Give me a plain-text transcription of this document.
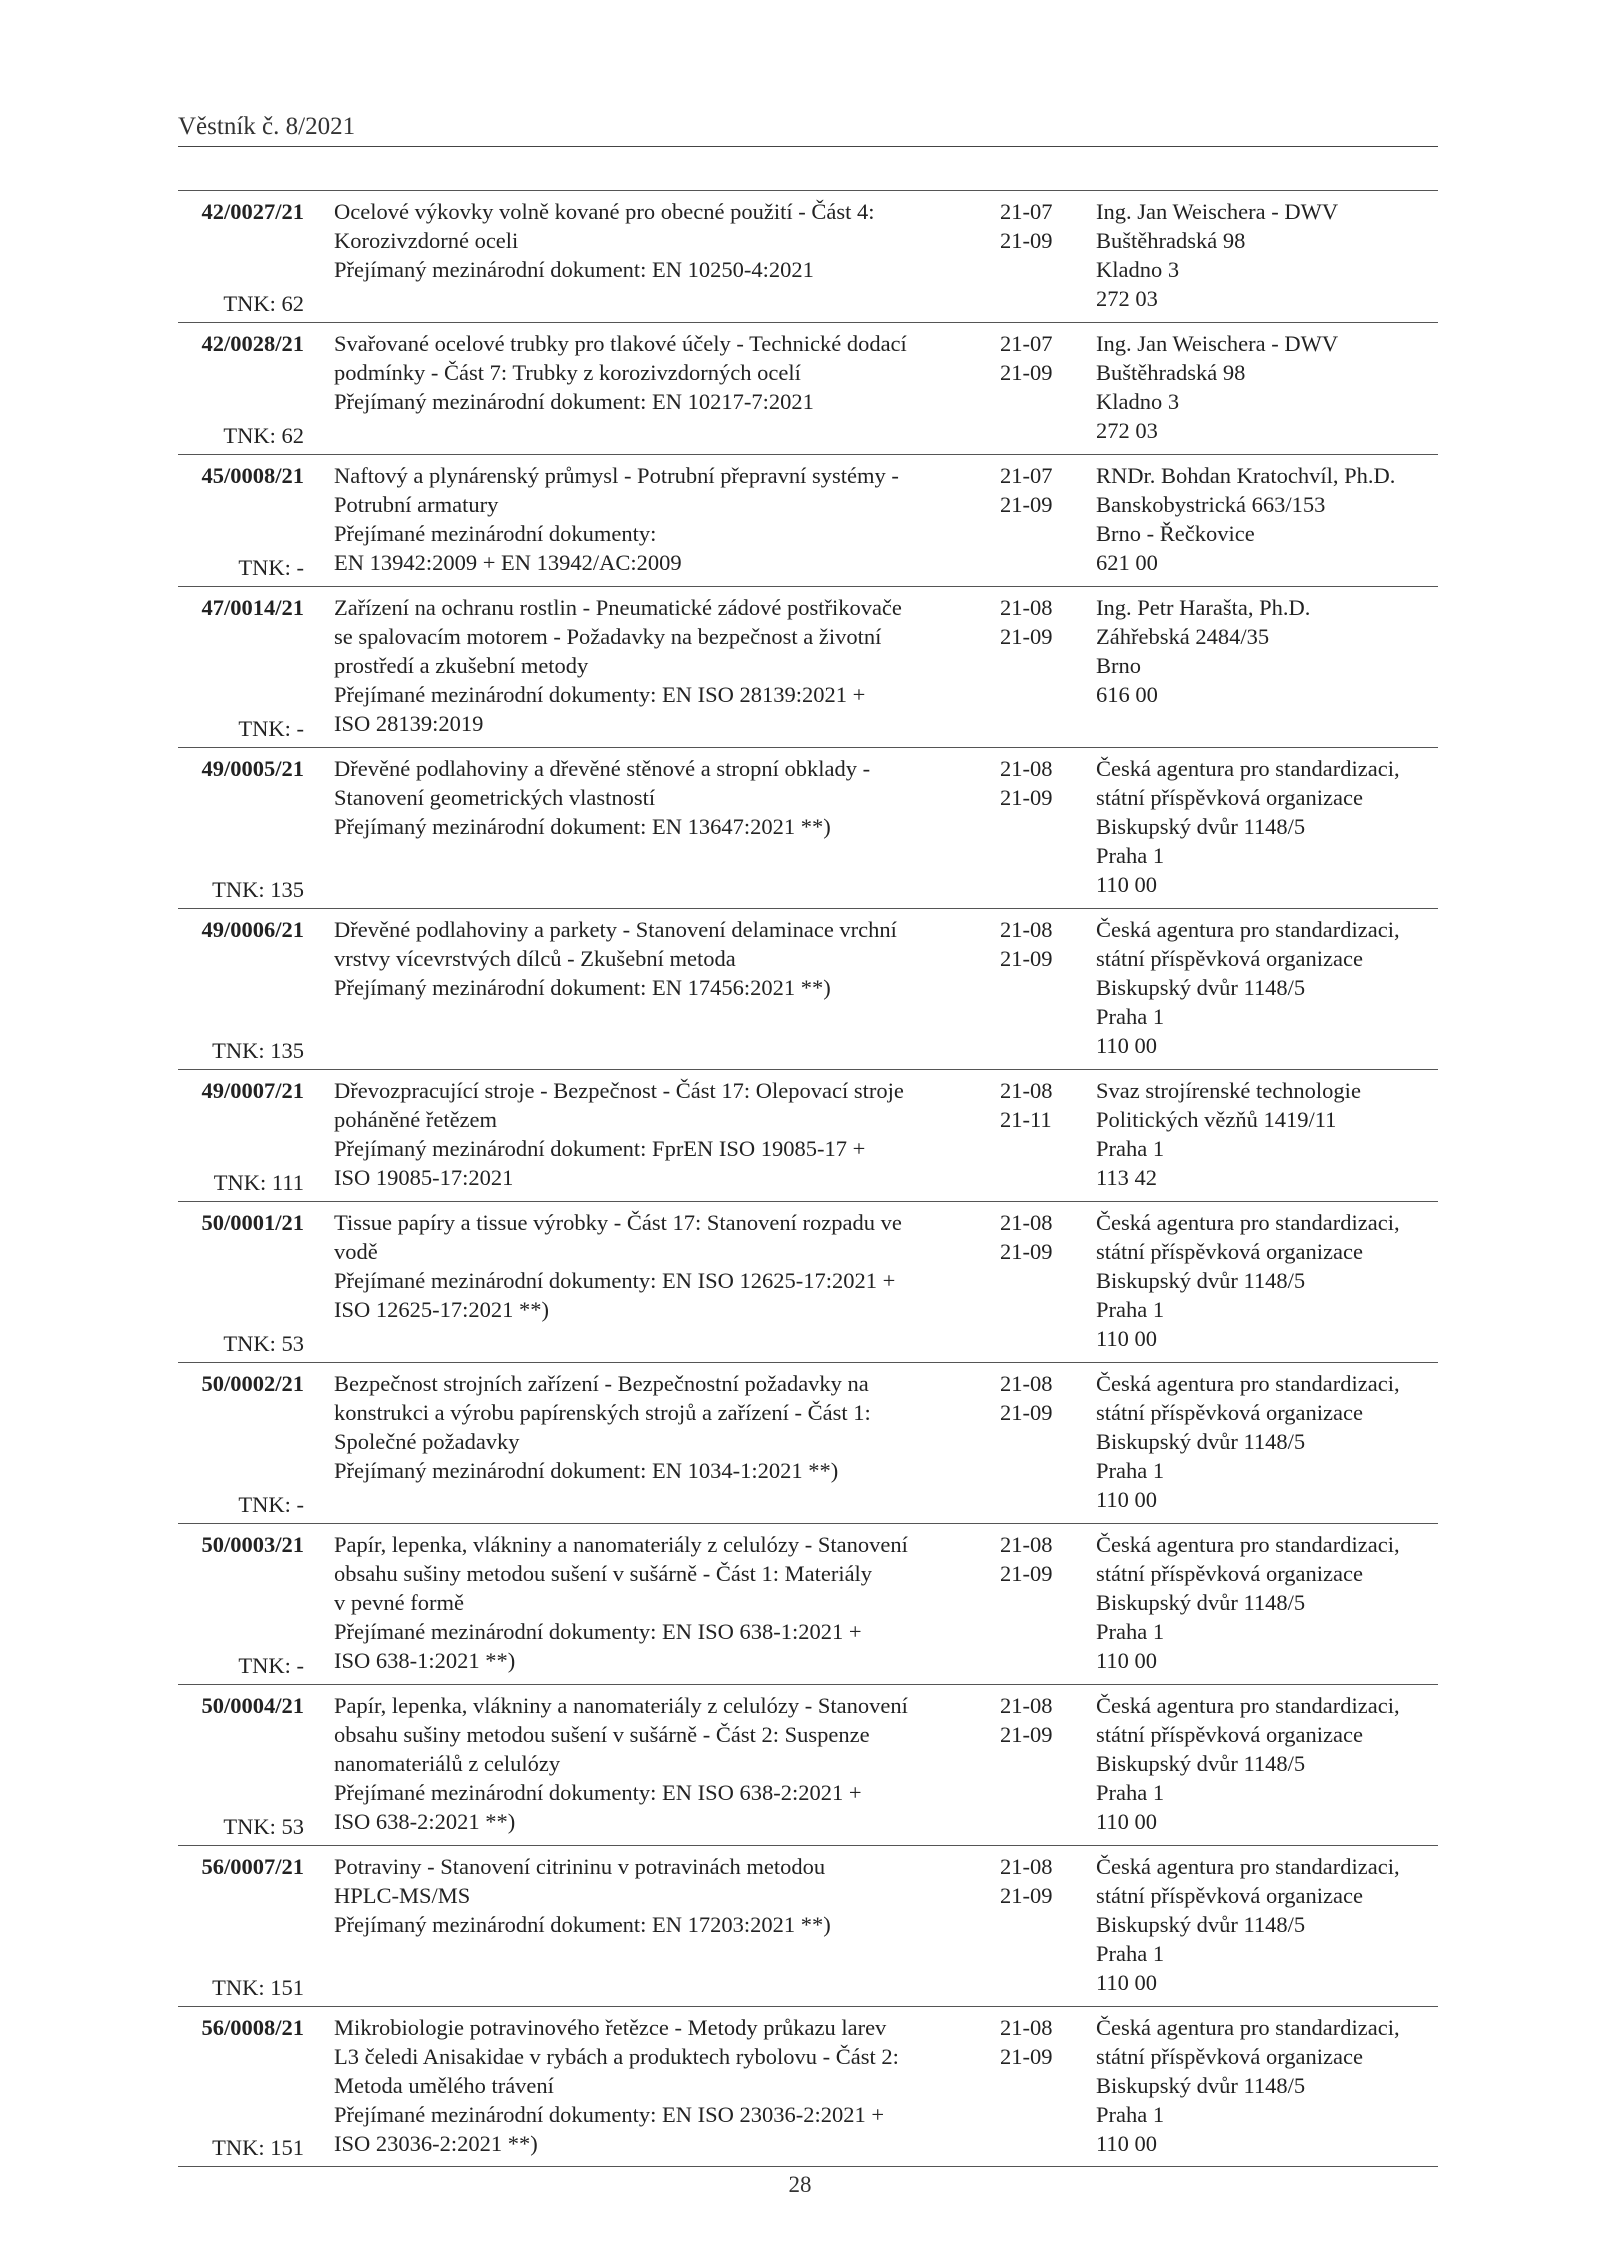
Věstník č. 8/2021
42/0027/21
TNK: 62
Ocelové výkovky volně kované pro obecné použití - Část 4:
Korozivzdorné oceli
Přejímaný mezinárodní dokument: EN 10250-4:2021
21-07
21-09
Ing. Jan Weischera - DWV
Buštěhradská 98
Kladno 3
272 03
42/0028/21
TNK: 62
Svařované ocelové trubky pro tlakové účely - Technické dodací
podmínky - Část 7: Trubky z korozivzdorných ocelí
Přejímaný mezinárodní dokument: EN 10217-7:2021
21-07
21-09
Ing. Jan Weischera - DWV
Buštěhradská 98
Kladno 3
272 03
45/0008/21
TNK: -
Naftový a plynárenský průmysl - Potrubní přepravní systémy -
Potrubní armatury
Přejímané mezinárodní dokumenty:
EN 13942:2009 + EN 13942/AC:2009
21-07
21-09
RNDr. Bohdan Kratochvíl, Ph.D.
Banskobystrická 663/153
Brno - Řečkovice
621 00
47/0014/21
TNK: -
Zařízení na ochranu rostlin - Pneumatické zádové postřikovače
se spalovacím motorem - Požadavky na bezpečnost a životní
prostředí a zkušební metody
Přejímané mezinárodní dokumenty: EN ISO 28139:2021 +
ISO 28139:2019
21-08
21-09
Ing. Petr Harašta, Ph.D.
Záhřebská 2484/35
Brno
616 00
49/0005/21
TNK: 135
Dřevěné podlahoviny a dřevěné stěnové a stropní obklady -
Stanovení geometrických vlastností
Přejímaný mezinárodní dokument: EN 13647:2021 **)
21-08
21-09
Česká agentura pro standardizaci,
státní příspěvková organizace
Biskupský dvůr 1148/5
Praha 1
110 00
49/0006/21
TNK: 135
Dřevěné podlahoviny a parkety - Stanovení delaminace vrchní
vrstvy vícevrstvých dílců - Zkušební metoda
Přejímaný mezinárodní dokument: EN 17456:2021 **)
21-08
21-09
Česká agentura pro standardizaci,
státní příspěvková organizace
Biskupský dvůr 1148/5
Praha 1
110 00
49/0007/21
TNK: 111
Dřevozpracující stroje - Bezpečnost - Část 17: Olepovací stroje
poháněné řetězem
Přejímaný mezinárodní dokument: FprEN ISO 19085-17 +
ISO 19085-17:2021
21-08
21-11
Svaz strojírenské technologie
Politických vězňů 1419/11
Praha 1
113 42
50/0001/21
TNK: 53
Tissue papíry a tissue výrobky - Část 17: Stanovení rozpadu ve
vodě
Přejímané mezinárodní dokumenty: EN ISO 12625-17:2021 +
ISO 12625-17:2021 **)
21-08
21-09
Česká agentura pro standardizaci,
státní příspěvková organizace
Biskupský dvůr 1148/5
Praha 1
110 00
50/0002/21
TNK: -
Bezpečnost strojních zařízení - Bezpečnostní požadavky na
konstrukci a výrobu papírenských strojů a zařízení - Část 1:
Společné požadavky
Přejímaný mezinárodní dokument: EN 1034-1:2021 **)
21-08
21-09
Česká agentura pro standardizaci,
státní příspěvková organizace
Biskupský dvůr 1148/5
Praha 1
110 00
50/0003/21
TNK: -
Papír, lepenka, vlákniny a nanomateriály z celulózy - Stanovení
obsahu sušiny metodou sušení v sušárně - Část 1: Materiály
v pevné formě
Přejímané mezinárodní dokumenty: EN ISO 638-1:2021 +
ISO 638-1:2021 **)
21-08
21-09
Česká agentura pro standardizaci,
státní příspěvková organizace
Biskupský dvůr 1148/5
Praha 1
110 00
50/0004/21
TNK: 53
Papír, lepenka, vlákniny a nanomateriály z celulózy - Stanovení
obsahu sušiny metodou sušení v sušárně - Část 2: Suspenze
nanomateriálů z celulózy
Přejímané mezinárodní dokumenty: EN ISO 638-2:2021 +
ISO 638-2:2021 **)
21-08
21-09
Česká agentura pro standardizaci,
státní příspěvková organizace
Biskupský dvůr 1148/5
Praha 1
110 00
56/0007/21
TNK: 151
Potraviny - Stanovení citrininu v potravinách metodou
HPLC-MS/MS
Přejímaný mezinárodní dokument: EN 17203:2021 **)
21-08
21-09
Česká agentura pro standardizaci,
státní příspěvková organizace
Biskupský dvůr 1148/5
Praha 1
110 00
56/0008/21
TNK: 151
Mikrobiologie potravinového řetězce - Metody průkazu larev
L3 čeledi Anisakidae v rybách a produktech rybolovu - Část 2:
Metoda umělého trávení
Přejímané mezinárodní dokumenty: EN ISO 23036-2:2021 +
ISO 23036-2:2021 **)
21-08
21-09
Česká agentura pro standardizaci,
státní příspěvková organizace
Biskupský dvůr 1148/5
Praha 1
110 00
28
